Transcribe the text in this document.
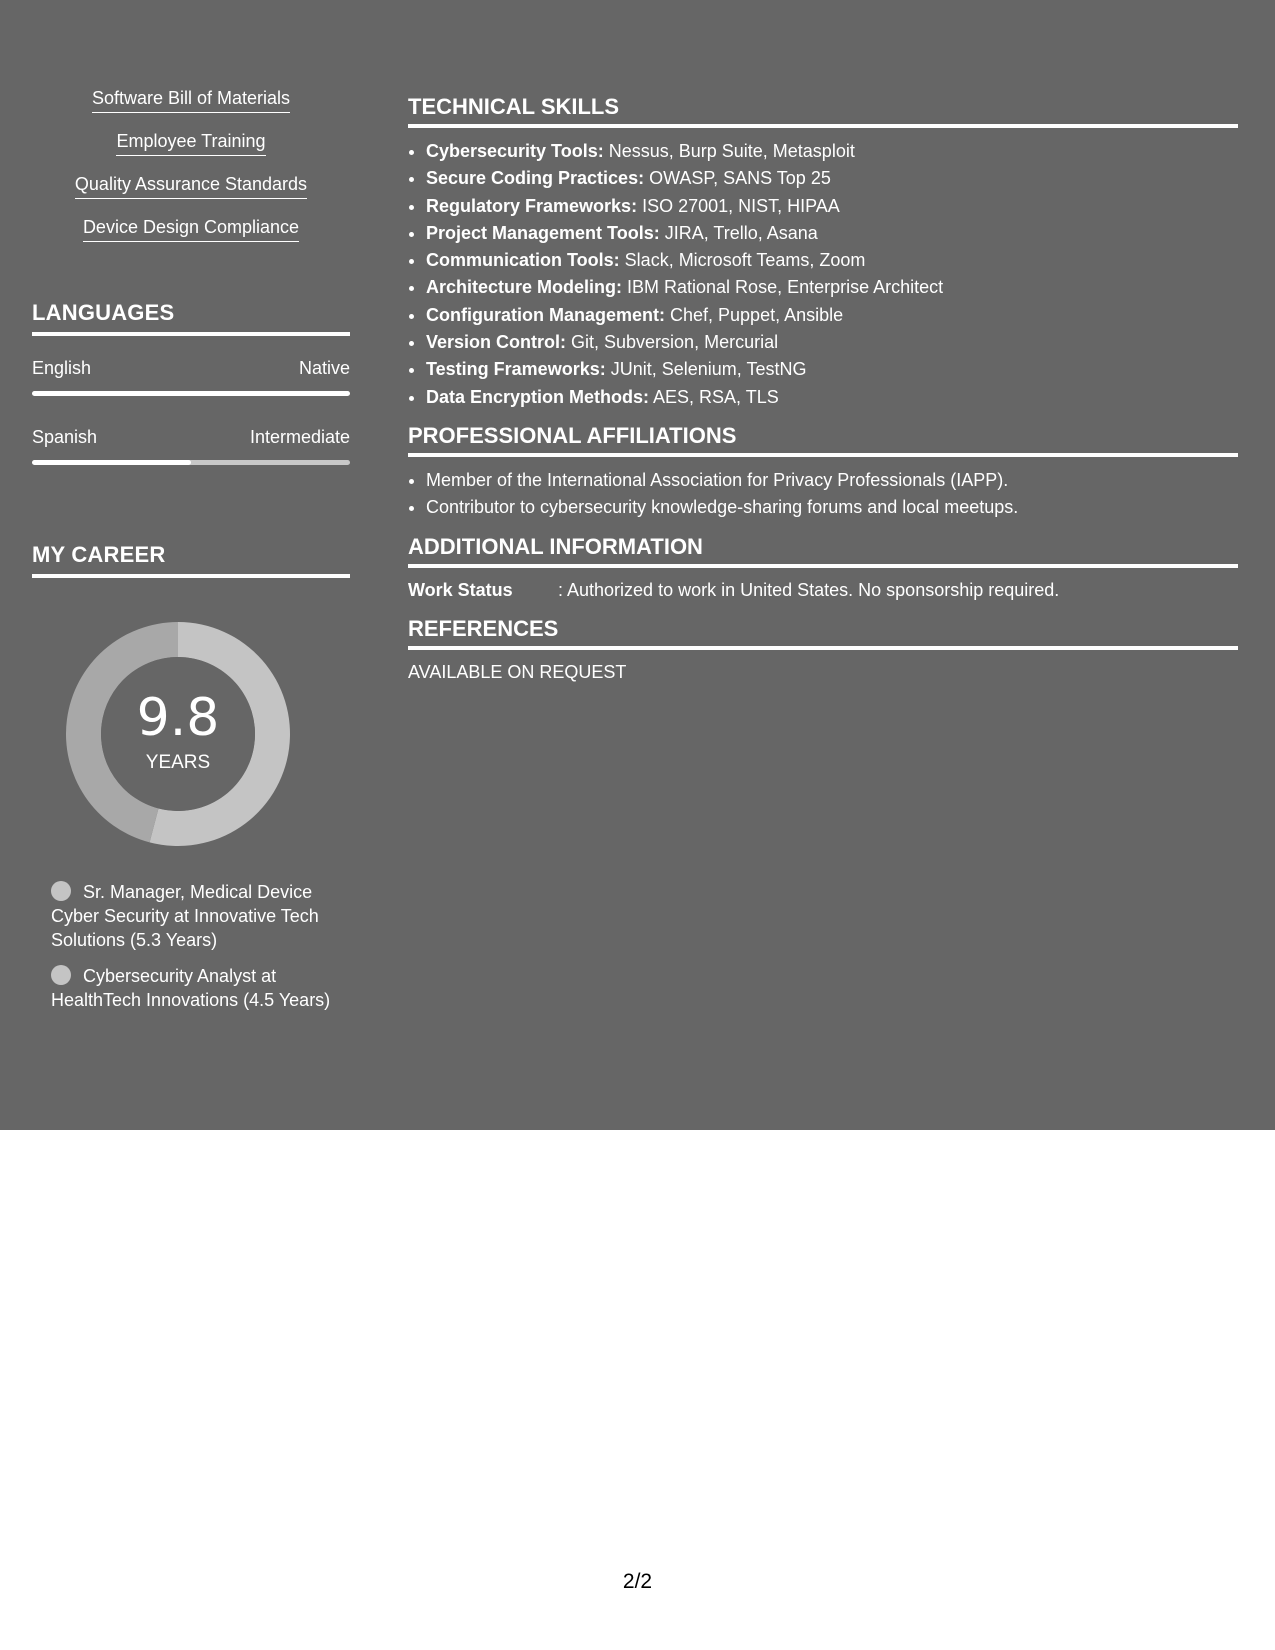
Software Bill of Materials
Employee Training
Quality Assurance Standards
Device Design Compliance
LANGUAGES
English	Native
Spanish	Intermediate
MY CAREER
9.8
YEARS
Sr. Manager, Medical Device Cyber Security at Innovative Tech Solutions (5.3 Years)
Cybersecurity Analyst at HealthTech Innovations (4.5 Years)
TECHNICAL SKILLS
• Cybersecurity Tools: Nessus, Burp Suite, Metasploit
• Secure Coding Practices: OWASP, SANS Top 25
• Regulatory Frameworks: ISO 27001, NIST, HIPAA
• Project Management Tools: JIRA, Trello, Asana
• Communication Tools: Slack, Microsoft Teams, Zoom
• Architecture Modeling: IBM Rational Rose, Enterprise Architect
• Configuration Management: Chef, Puppet, Ansible
• Version Control: Git, Subversion, Mercurial
• Testing Frameworks: JUnit, Selenium, TestNG
• Data Encryption Methods: AES, RSA, TLS
PROFESSIONAL AFFILIATIONS
• Member of the International Association for Privacy Professionals (IAPP).
• Contributor to cybersecurity knowledge-sharing forums and local meetups.
ADDITIONAL INFORMATION
Work Status	: Authorized to work in United States. No sponsorship required.
REFERENCES
AVAILABLE ON REQUEST
2/2
